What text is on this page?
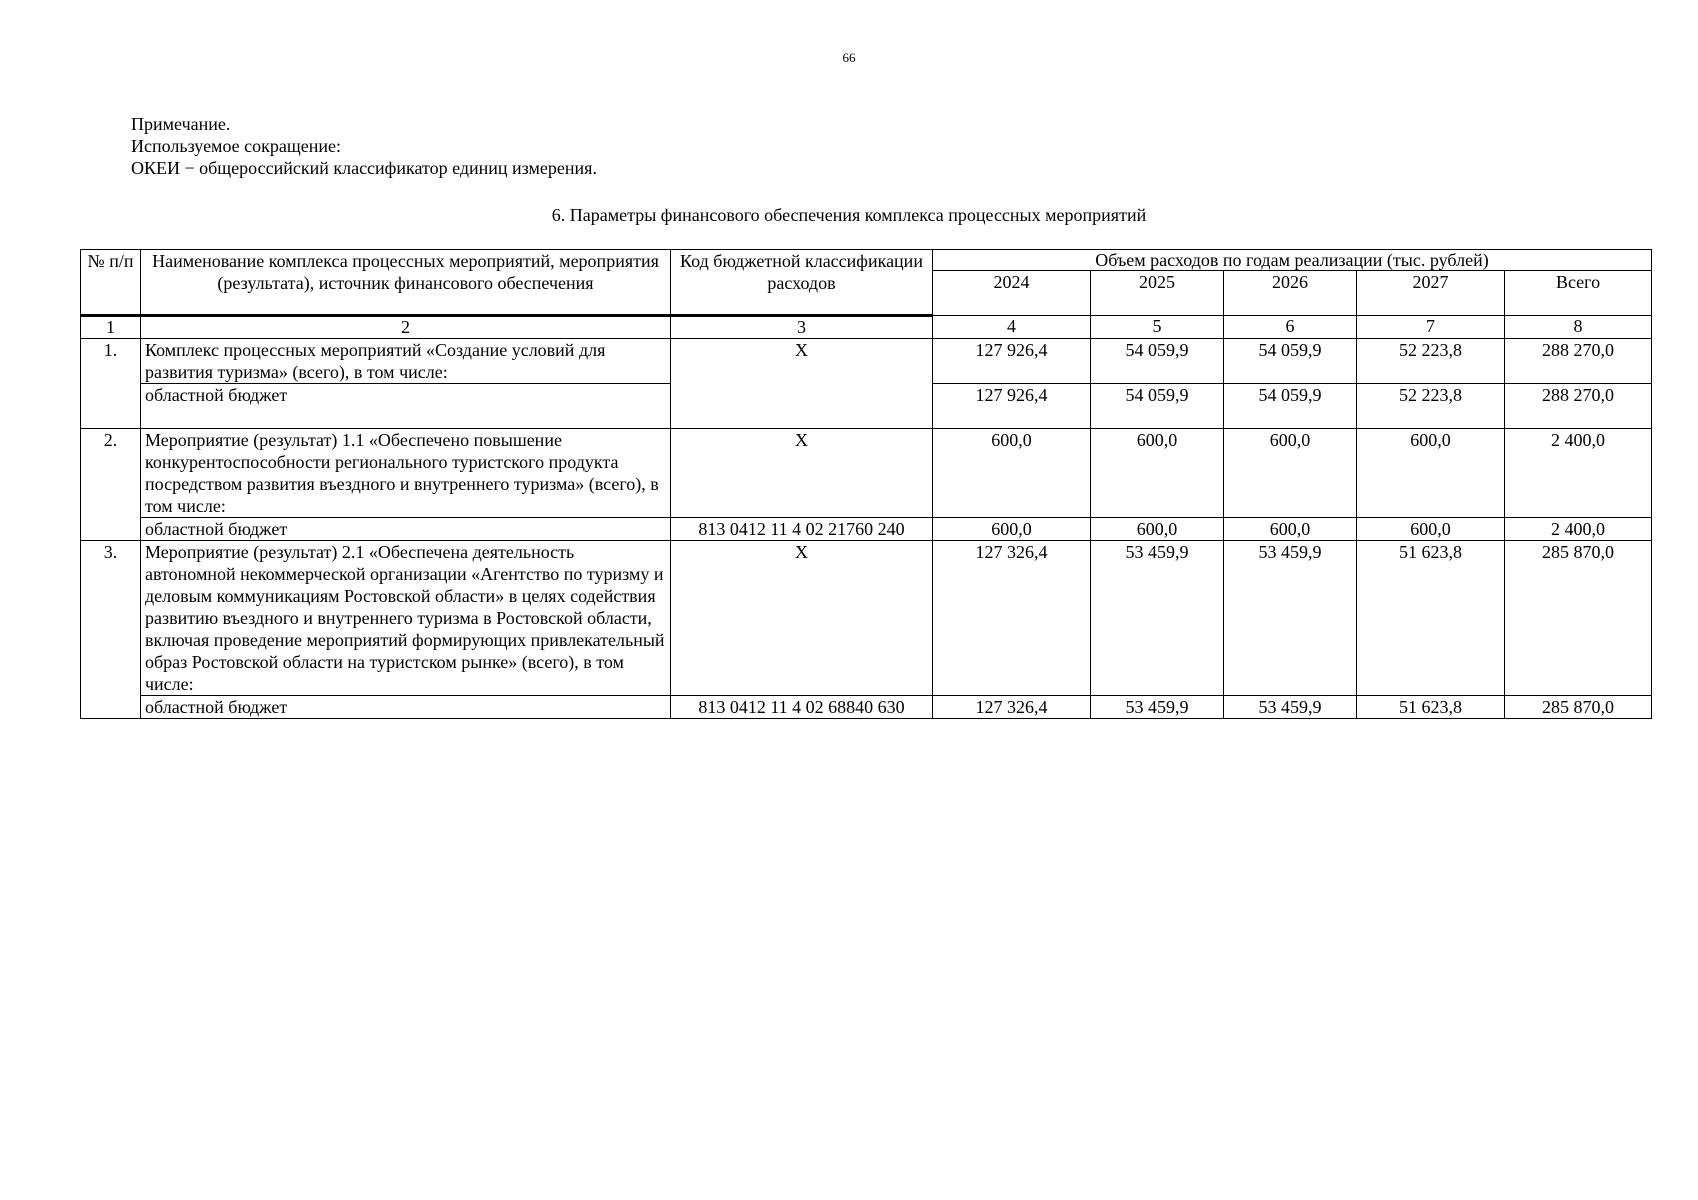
66
Примечание.
Используемое сокращение:
ОКЕИ − общероссийский классификатор единиц измерения.
6. Параметры финансового обеспечения комплекса процессных мероприятий
№ п/п	Наименование комплекса процессных мероприятий, мероприятия (результата), источник финансового обеспечения	Код бюджетной классификации расходов	Объем расходов по годам реализации (тыс. рублей)				
			2024	2025	2026	2027	Всего
1	2	3	4	5	6	7	8
1.	Комплекс процессных мероприятий «Создание условий для развития туризма» (всего), в том числе:	Х	127 926,4	54 059,9	54 059,9	52 223,8	288 270,0
	областной бюджет		127 926,4	54 059,9	54 059,9	52 223,8	288 270,0
2.	Мероприятие (результат) 1.1 «Обеспечено повышение конкурентоспособности регионального туристского продукта посредством развития въездного и внутреннего туризма» (всего), в том числе:	Х	600,0	600,0	600,0	600,0	2 400,0
	областной бюджет	813 0412 11 4 02 21760 240	600,0	600,0	600,0	600,0	2 400,0
3.	Мероприятие (результат) 2.1 «Обеспечена деятельность автономной некоммерческой организации «Агентство по туризму и деловым коммуникациям Ростовской области» в целях содействия развитию въездного и внутреннего туризма в Ростовской области, включая проведение мероприятий формирующих привлекательный образ Ростовской области на туристском рынке» (всего), в том числе:	Х	127 326,4	53 459,9	53 459,9	51 623,8	285 870,0
	областной бюджет	813 0412 11 4 02 68840 630	127 326,4	53 459,9	53 459,9	51 623,8	285 870,0
